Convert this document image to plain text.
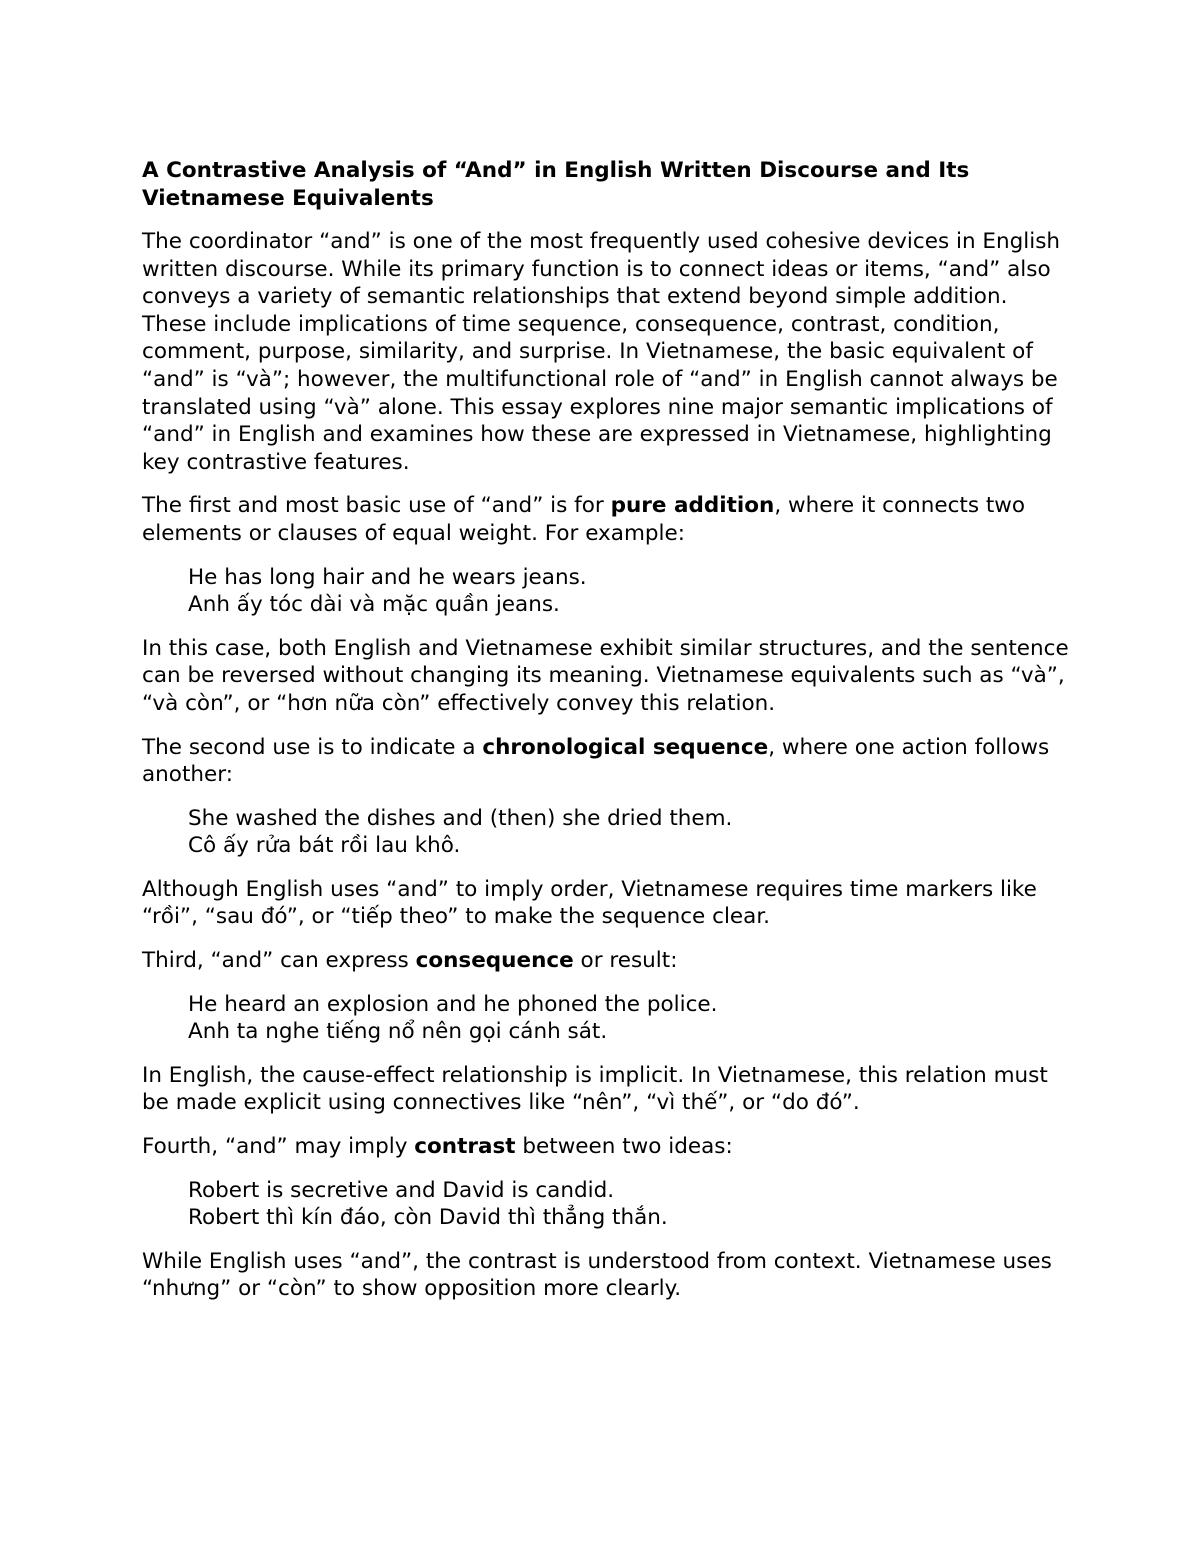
A Contrastive Analysis of “And” in English Written Discourse and Its Vietnamese Equivalents

The coordinator “and” is one of the most frequently used cohesive devices in English written discourse. While its primary function is to connect ideas or items, “and” also conveys a variety of semantic relationships that extend beyond simple addition. These include implications of time sequence, consequence, contrast, condition, comment, purpose, similarity, and surprise. In Vietnamese, the basic equivalent of “and” is “và”; however, the multifunctional role of “and” in English cannot always be translated using “và” alone. This essay explores nine major semantic implications of “and” in English and examines how these are expressed in Vietnamese, highlighting key contrastive features.

The first and most basic use of “and” is for pure addition, where it connects two elements or clauses of equal weight. For example:

He has long hair and he wears jeans.
Anh ấy tóc dài và mặc quần jeans.

In this case, both English and Vietnamese exhibit similar structures, and the sentence can be reversed without changing its meaning. Vietnamese equivalents such as “và”, “và còn”, or “hơn nữa còn” effectively convey this relation.

The second use is to indicate a chronological sequence, where one action follows another:

She washed the dishes and (then) she dried them.
Cô ấy rửa bát rồi lau khô.

Although English uses “and” to imply order, Vietnamese requires time markers like “rồi”, “sau đó”, or “tiếp theo” to make the sequence clear.

Third, “and” can express consequence or result:

He heard an explosion and he phoned the police.
Anh ta nghe tiếng nổ nên gọi cánh sát.

In English, the cause-effect relationship is implicit. In Vietnamese, this relation must be made explicit using connectives like “nên”, “vì thế”, or “do đó”.

Fourth, “and” may imply contrast between two ideas:

Robert is secretive and David is candid.
Robert thì kín đáo, còn David thì thẳng thắn.

While English uses “and”, the contrast is understood from context. Vietnamese uses “nhưng” or “còn” to show opposition more clearly.
